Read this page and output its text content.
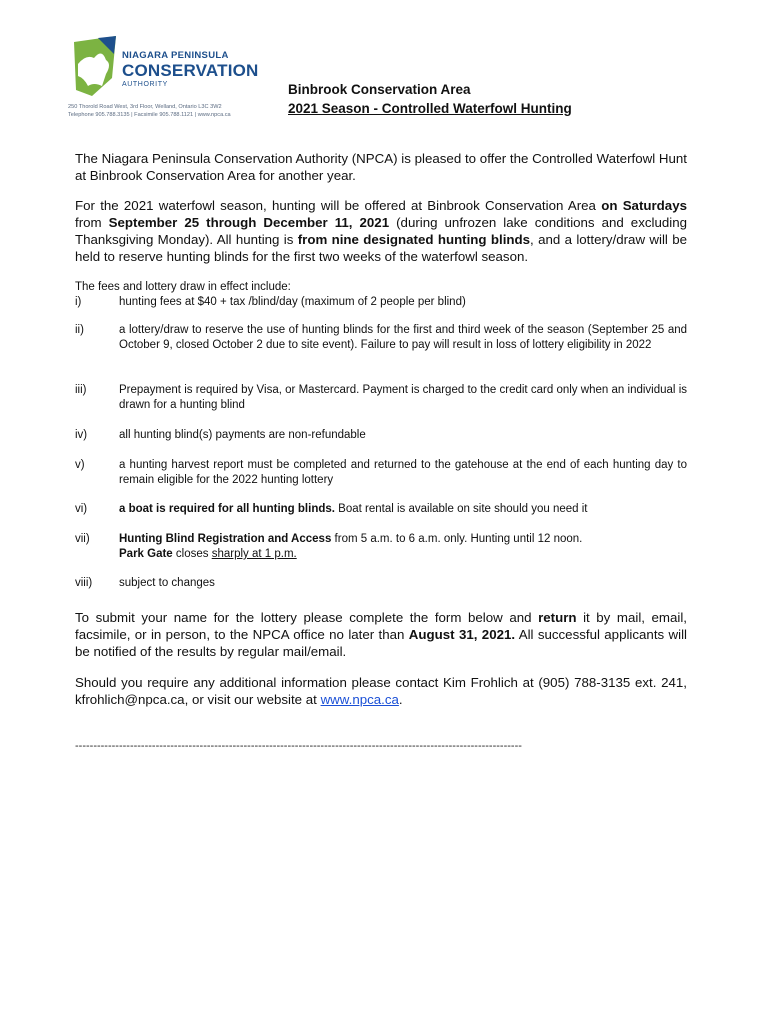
NIAGARA PENINSULA
CONSERVATION
AUTHORITY
250 Thorold Road West, 3rd Floor, Welland, Ontario L3C 3W2
Telephone 905.788.3135 | Facsimile 905.788.1121 | www.npca.ca
Binbrook Conservation Area
2021 Season - Controlled Waterfowl Hunting
The Niagara Peninsula Conservation Authority (NPCA) is pleased to offer the Controlled Waterfowl Hunt at Binbrook Conservation Area for another year.
For the 2021 waterfowl season, hunting will be offered at Binbrook Conservation Area on Saturdays from September 25 through December 11, 2021 (during unfrozen lake conditions and excluding Thanksgiving Monday). All hunting is from nine designated hunting blinds, and a lottery/draw will be held to reserve hunting blinds for the first two weeks of the waterfowl season.
The fees and lottery draw in effect include:
i)	hunting fees at $40 + tax /blind/day (maximum of 2 people per blind)
ii)	a lottery/draw to reserve the use of hunting blinds for the first and third week of the season (September 25 and October 9, closed October 2 due to site event). Failure to pay will result in loss of lottery eligibility in 2022
iii)	Prepayment is required by Visa, or Mastercard. Payment is charged to the credit card only when an individual is drawn for a hunting blind
iv)	all hunting blind(s) payments are non-refundable
v)	a hunting harvest report must be completed and returned to the gatehouse at the end of each hunting day to remain eligible for the 2022 hunting lottery
vi)	a boat is required for all hunting blinds. Boat rental is available on site should you need it
vii)	Hunting Blind Registration and Access from 5 a.m. to 6 a.m. only. Hunting until 12 noon.
Park Gate closes sharply at 1 p.m.
viii)	subject to changes
To submit your name for the lottery please complete the form below and return it by mail, email, facsimile, or in person, to the NPCA office no later than August 31, 2021. All successful applicants will be notified of the results by regular mail/email.
Should you require any additional information please contact Kim Frohlich at (905) 788-3135 ext. 241, kfrohlich@npca.ca, or visit our website at www.npca.ca.
--------------------------------------------------------------------------------------------------------------------------
